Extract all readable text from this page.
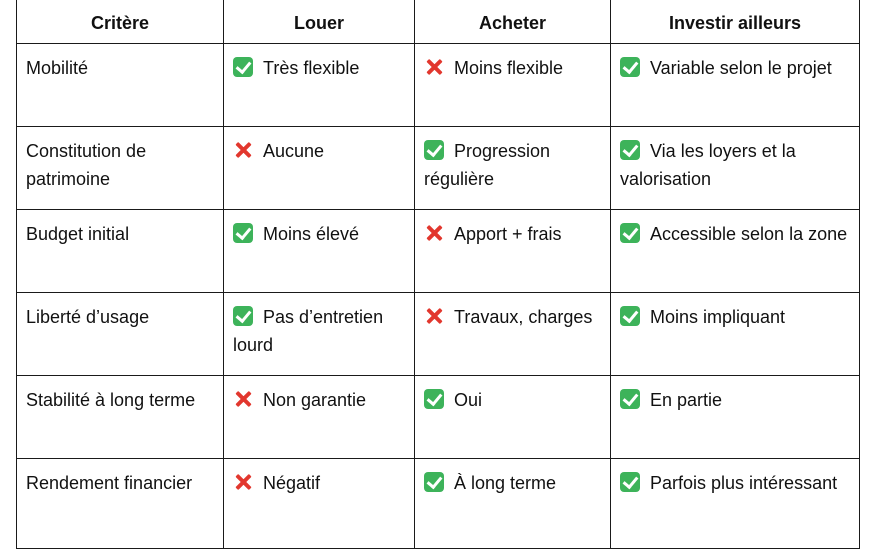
Critère	Louer	Acheter	Investir ailleurs
Mobilité	Très flexible	Moins flexible	Variable selon le projet
Constitution de patrimoine	Aucune	Progression régulière	Via les loyers et la valorisation
Budget initial	Moins élevé	Apport + frais	Accessible selon la zone
Liberté d’usage	Pas d’entretien lourd	Travaux, charges	Moins impliquant
Stabilité à long terme	Non garantie	Oui	En partie
Rendement financier	Négatif	À long terme	Parfois plus intéressant
